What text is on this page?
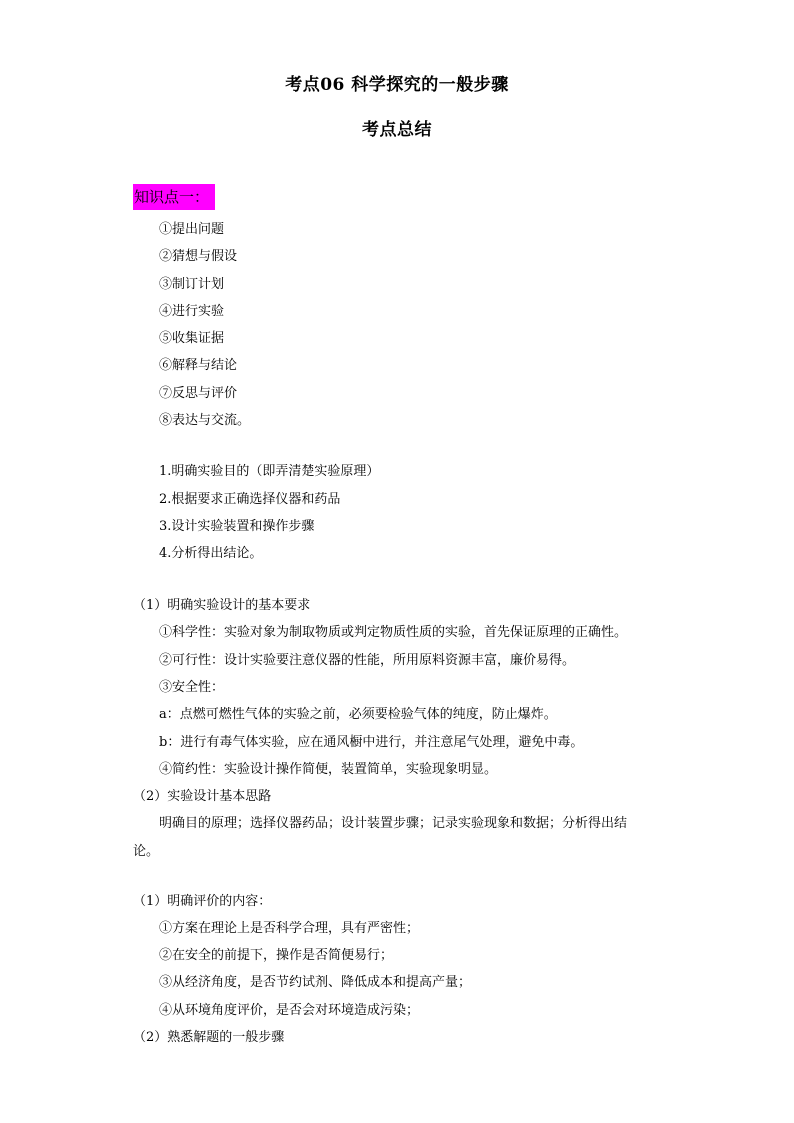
考点06 科学探究的一般步骤
考点总结
知识点一：
①提出问题
②猜想与假设
③制订计划
④进行实验
⑤收集证据
⑥解释与结论
⑦反思与评价
⑧表达与交流。
1.明确实验目的（即弄清楚实验原理）
2.根据要求正确选择仪器和药品
3.设计实验装置和操作步骤
4.分析得出结论。
（1）明确实验设计的基本要求
①科学性：实验对象为制取物质或判定物质性质的实验，首先保证原理的正确性。
②可行性：设计实验要注意仪器的性能，所用原料资源丰富，廉价易得。
③安全性：
a：点燃可燃性气体的实验之前，必须要检验气体的纯度，防止爆炸。
b：进行有毒气体实验，应在通风橱中进行，并注意尾气处理，避免中毒。
④简约性：实验设计操作简便，装置简单，实验现象明显。
（2）实验设计基本思路
明确目的原理；选择仪器药品；设计装置步骤；记录实验现象和数据；分析得出结
论。
（1）明确评价的内容：
①方案在理论上是否科学合理，具有严密性；
②在安全的前提下，操作是否简便易行；
③从经济角度，是否节约试剂、降低成本和提高产量；
④从环境角度评价，是否会对环境造成污染；
（2）熟悉解题的一般步骤
